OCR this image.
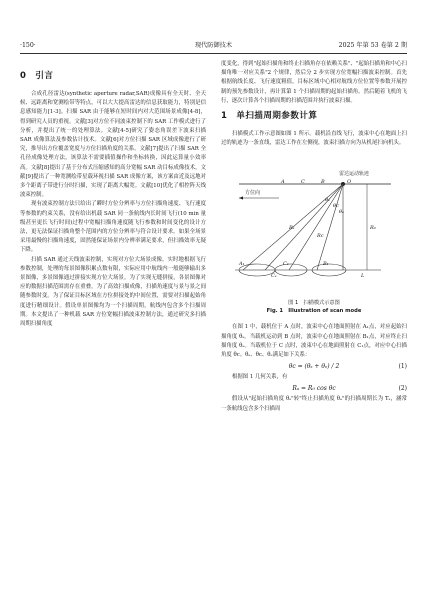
·150·	现代防御技术	2025 年第 53 卷第 2 期
0　引言

合成孔径雷达(synthetic aperture radar,SAR)成像具有全天时、全天候、远距离和宽测绘带等特点，可以大大提高雷达的信息获取能力，特别是信息感知能力[1-3]。扫描 SAR 由于能够在短时间内对大范围场景成像[4-8]，得到研究人员的重视。文献[3]对方位不同波束控制下的 SAR 工作模式进行了分析，并提出了统一的处理算法。文献[4-5]研究了姿态角误差下波束扫描 SAR 成像算法及参数估计技术。文献[6]对方位扫描 SAR 区域成像进行了研究，推导出方位覆盖宽度与方位扫描角度的关系。文献[7]提出了扫描 SAR 全孔径成像处理方法，该算法不需要插值操作和坐标转换，因此运算量小效率高。文献[8]提出了基于分布式压缩感知的高分宽幅 SAR 动目标成像技术，文献[9]提出了一种宽测绘带星载环视扫描 SAR 成像方案，该方案由近及远地对多个距离子带进行分时扫描，实现了距离大幅宽。文献[10]优化了相控阵天线波束控制。

现有波束控制方法只给出了瞬时方位分辨率与方位扫描角速度、飞行速度等参数的约束关系，没有给出机载 SAR 同一条航线内长时间飞行(10 min 量级甚至更长飞行时间)过程中宽幅扫描角速度随飞行参数和时间变化的设计方法，更无法保证扫描角整个范围内的方位分辨率与符合设计要求。如果全场景采用最慢的扫描角速度，固然能保证场景内分辨率满足要求，但扫描效率无疑下降。

扫描 SAR 通过天线波束控制，实现对方位大场景成像。实时地根据飞行参数控制，处理的每景图像积累点数有限，实际应用中航线内一般能够输出多景图像，多景图像通过拼接实现方位大场景。为了实现无缝拼接，各景图像对应的数据扫描范围需存在重叠。为了高效扫描成像，扫描角速度与景与景之间随参数时变。为了保证目标区域在方位拼接处的中间位置，需要对扫描起始角度进行精细设计。假设单景图像均为一个扫描周期，航线内包含多个扫描周期。本文提出了一种机载 SAR 方位宽幅扫描波束控制方法，通过研究多扫描周期扫描角度

度变化，得到"起始扫描角和终止扫描角存在依赖关系"、"起始扫描角和中心扫描角唯一对应关系"2 个规律，然后分 2 步实现方位宽幅扫描波束控制。首先根据航线长度、飞行速度粗值，目标区域中心相对航线方位位置等参数开展控制的预先参数设计，再计算第 1 个扫描周期的起始扫描角。然后随着飞机的飞行，逐次计算各个扫描周期的扫描范围并执行波束扫描。

1　单扫描周期参数计算

扫描模式工作示意图如图 1 所示。载机沿直线飞行，波束中心在地面上扫过的轨迹为一条直线，雷达工作在左侧视，波束扫描方向为从机尾扫向机头。

雷达运动轨迹
方位向
O
B
C
A
θₛ
θc
θₑ
R₀
Rₛ
Rc
A₁	C₁	B₁
Cₛ	L
图 1　扫描模式示意图
Fig. 1　Illustration of scan mode

在图 1 中，载机位于 A 点时，波束中心在地面照射在 A₁点，对应起始扫描角度 θₛ。当载机运动到 B 点时，波束中心在地面照射在 B₁点，对应终止扫描角度 θₑ。当载机位于 C 点时，波束中心在地面照射在 C₁点，对应中心扫描角度 θc。θₛ、θc、θₑ满足如下关系：

θc = (θₛ + θₑ) / 2	(1)

根据图 1 几何关系，有

Rₐ = R₀ cos θc	(2)

假设从"起始扫描角度 θₛ"转"终止扫描角度 θₑ"的扫描周期长为 Tₛ，涵常一条航线包含多个扫描周
